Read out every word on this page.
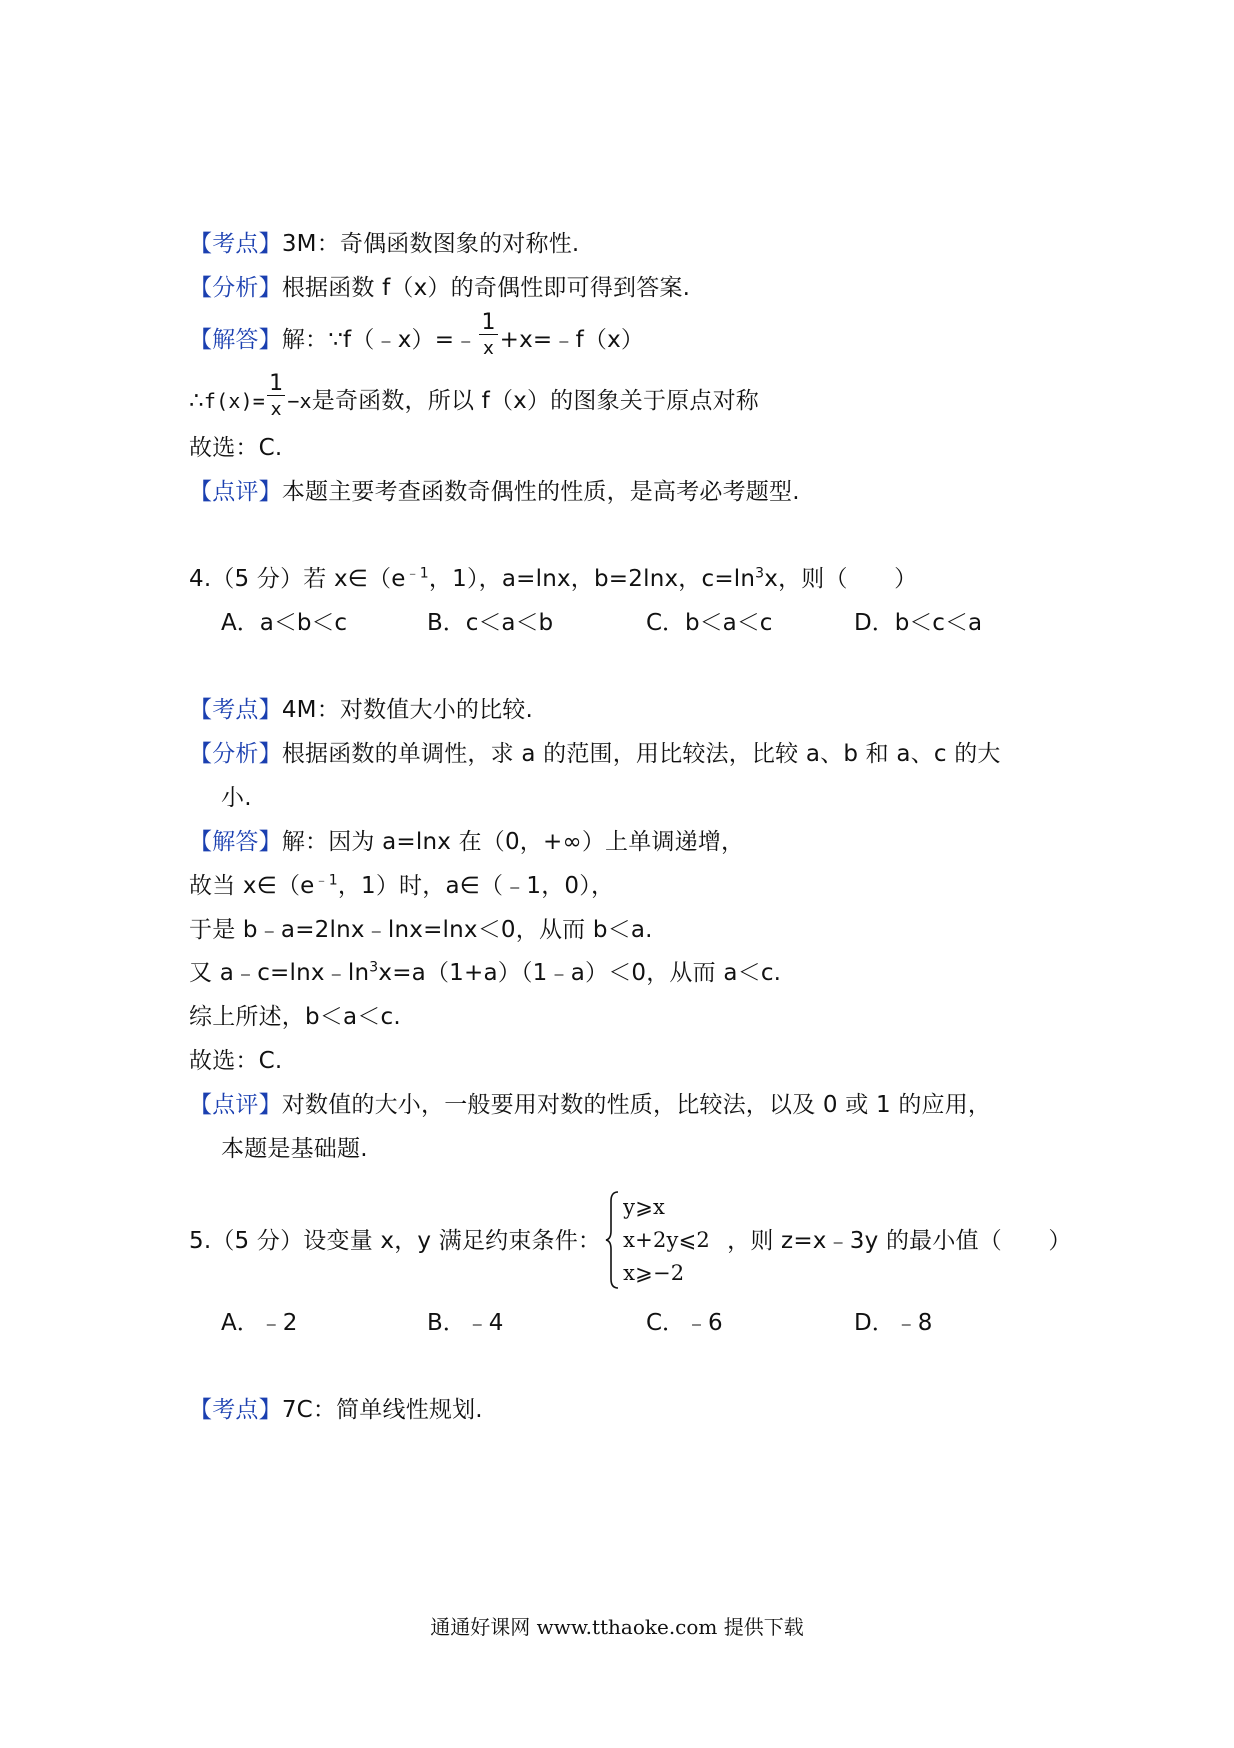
【考点】3M：奇偶函数图象的对称性.
【分析】根据函数 f（x）的奇偶性即可得到答案.
【解答】解：∵f（﹣x）=﹣ $\frac{1}{x}$ +x=﹣f（x）
∴f(x)= $\frac{1}{x} -x$是奇函数，所以 f（x）的图象关于原点对称
故选：C.
【点评】本题主要考查函数奇偶性的性质，是高考必考题型.
4.（5 分）若 $x\in(e^{﹣1}$，1），a=lnx，b=2lnx，$c=\ln^3x$，则（　　）
A．a＜b＜c	B．c＜a＜b	C．b＜a＜c	D．b＜c＜a
【考点】4M：对数值大小的比较.
【分析】根据函数的单调性，求 a 的范围，用比较法，比较 a、b 和 a、c 的大
小.
【解答】解：因为 a=lnx 在（0，+∞）上单调递增，
故当 $x\in(e^{﹣1}$，1）时，a∈（﹣1，0），
于是 b﹣a=2lnx﹣lnx=lnx＜0，从而 b＜a.
又 $a﹣c=\ln x﹣\ln^3x=a(1+a)(1﹣a)<0$，从而 a＜c.
综上所述，b＜a＜c.
故选：C.
【点评】对数值的大小，一般要用对数的性质，比较法，以及 0 或 1 的应用，
本题是基础题.
5.（5 分）设变量 x，y 满足约束条件：
y⩾x
x+2y⩽2
x⩾−2
，则 z=x﹣3y 的最小值（　　）
A．﹣2	B．﹣4	C．﹣6	D．﹣8
【考点】7C：简单线性规划.
通通好课网 www.tthaoke.com 提供下载
